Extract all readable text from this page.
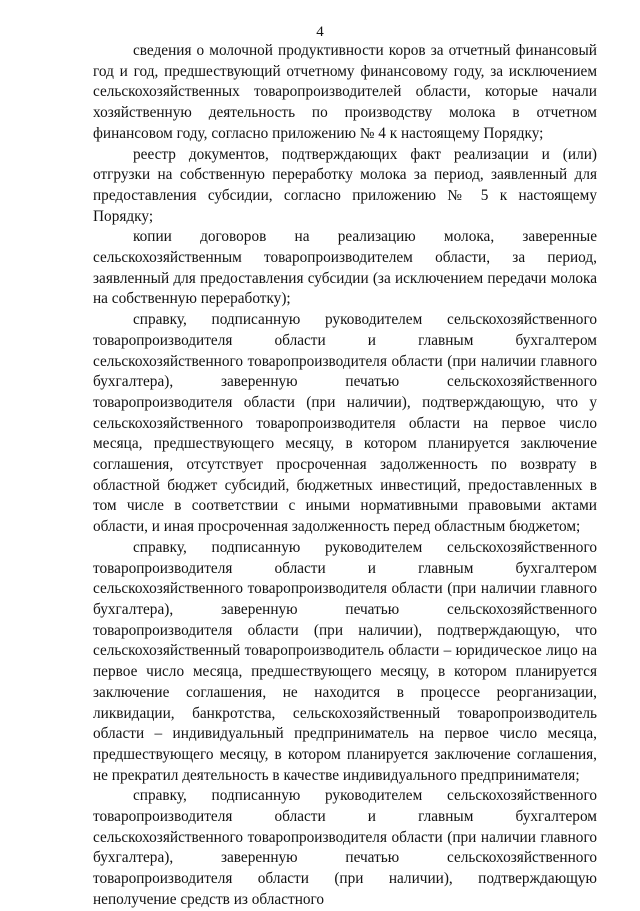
4

сведения о молочной продуктивности коров за отчетный финансовый год и год, предшествующий отчетному финансовому году, за исключением сельскохозяйственных товаропроизводителей области, которые начали хозяйственную деятельность по производству молока в отчетном финансовом году, согласно приложению № 4 к настоящему Порядку;

реестр документов, подтверждающих факт реализации и (или) отгрузки на собственную переработку молока за период, заявленный для предоставления субсидии, согласно приложению № 5 к настоящему Порядку;

копии договоров на реализацию молока, заверенные сельскохозяйственным товаропроизводителем области, за период, заявленный для предоставления субсидии (за исключением передачи молока на собственную переработку);

справку, подписанную руководителем сельскохозяйственного товаропроизводителя области и главным бухгалтером сельскохозяйственного товаропроизводителя области (при наличии главного бухгалтера), заверенную печатью сельскохозяйственного товаропроизводителя области (при наличии), подтверждающую, что у сельскохозяйственного товаропроизводителя области на первое число месяца, предшествующего месяцу, в котором планируется заключение соглашения, отсутствует просроченная задолженность по возврату в областной бюджет субсидий, бюджетных инвестиций, предоставленных в том числе в соответствии с иными нормативными правовыми актами области, и иная просроченная задолженность перед областным бюджетом;

справку, подписанную руководителем сельскохозяйственного товаропроизводителя области и главным бухгалтером сельскохозяйственного товаропроизводителя области (при наличии главного бухгалтера), заверенную печатью сельскохозяйственного товаропроизводителя области (при наличии), подтверждающую, что сельскохозяйственный товаропроизводитель области – юридическое лицо на первое число месяца, предшествующего месяцу, в котором планируется заключение соглашения, не находится в процессе реорганизации, ликвидации, банкротства, сельскохозяйственный товаропроизводитель области – индивидуальный предприниматель на первое число месяца, предшествующего месяцу, в котором планируется заключение соглашения, не прекратил деятельность в качестве индивидуального предпринимателя;

справку, подписанную руководителем сельскохозяйственного товаропроизводителя области и главным бухгалтером сельскохозяйственного товаропроизводителя области (при наличии главного бухгалтера), заверенную печатью сельскохозяйственного товаропроизводителя области (при наличии), подтверждающую неполучение средств из областного
